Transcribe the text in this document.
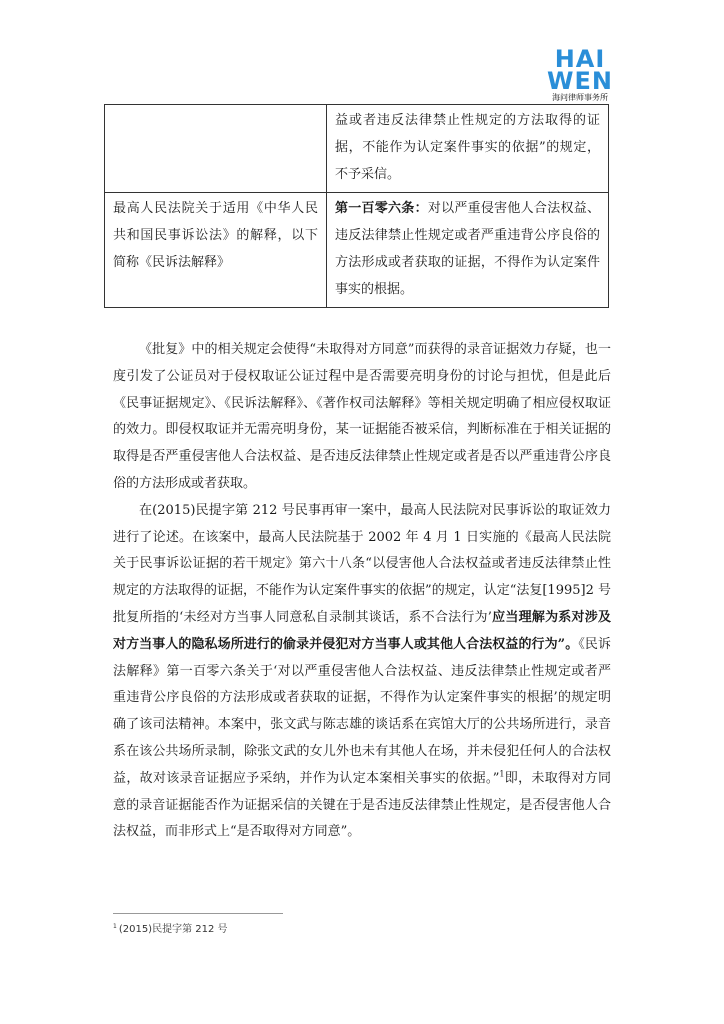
HAI
WEN
海问律师事务所
	益或者违反法律禁止性规定的方法取得的证据，不能作为认定案件事实的依据”的规定，不予采信。
最高人民法院关于适用《中华人民共和国民事诉讼法》的解释，以下简称《民诉法解释》	第一百零六条：对以严重侵害他人合法权益、违反法律禁止性规定或者严重违背公序良俗的方法形成或者获取的证据，不得作为认定案件事实的根据。

《批复》中的相关规定会使得“未取得对方同意”而获得的录音证据效力存疑，也一度引发了公证员对于侵权取证公证过程中是否需要亮明身份的讨论与担忧，但是此后《民事证据规定》、《民诉法解释》、《著作权司法解释》等相关规定明确了相应侵权取证的效力。即侵权取证并无需亮明身份，某一证据能否被采信，判断标准在于相关证据的取得是否严重侵害他人合法权益、是否违反法律禁止性规定或者是否以严重违背公序良俗的方法形成或者获取。

在(2015)民提字第 212 号民事再审一案中，最高人民法院对民事诉讼的取证效力进行了论述。在该案中，最高人民法院基于 2002 年 4 月 1 日实施的《最高人民法院关于民事诉讼证据的若干规定》第六十八条“以侵害他人合法权益或者违反法律禁止性规定的方法取得的证据，不能作为认定案件事实的依据”的规定，认定“法复[1995]2 号批复所指的‘未经对方当事人同意私自录制其谈话，系不合法行为’应当理解为系对涉及对方当事人的隐私场所进行的偷录并侵犯对方当事人或其他人合法权益的行为”。《民诉法解释》第一百零六条关于‘对以严重侵害他人合法权益、违反法律禁止性规定或者严重违背公序良俗的方法形成或者获取的证据，不得作为认定案件事实的根据’的规定明确了该司法精神。本案中，张文武与陈志雄的谈话系在宾馆大厅的公共场所进行，录音系在该公共场所录制，除张文武的女儿外也未有其他人在场，并未侵犯任何人的合法权益，故对该录音证据应予采纳，并作为认定本案相关事实的依据。”$^1$即，未取得对方同意的录音证据能否作为证据采信的关键在于是否违反法律禁止性规定，是否侵害他人合法权益，而非形式上“是否取得对方同意”。

$^1$ (2015)民提字第 212 号
